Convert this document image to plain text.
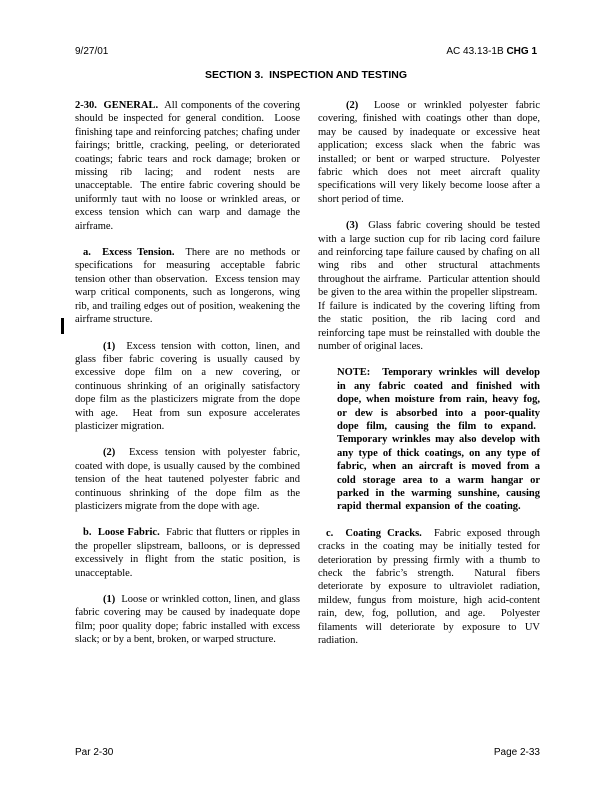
9/27/01	AC 43.13-1B CHG 1
SECTION 3.  INSPECTION AND TESTING

2-30.  GENERAL. All components of the covering should be inspected for general condition.  Loose finishing tape and reinforcing patches; chafing under fairings; brittle, cracking, peeling, or deteriorated coatings; fabric tears and rock damage; broken or missing rib lacing; and rodent nests are unacceptable.  The entire fabric covering should be uniformly taut with no loose or wrinkled areas, or excess tension which can warp and damage the airframe.

a.  Excess Tension. There are no methods or specifications for measuring acceptable fabric tension other than observation.  Excess tension may warp critical components, such as longerons, wing rib, and trailing edges out of position, weakening the airframe structure.

(1) Excess tension with cotton, linen, and glass fiber fabric covering is usually caused by excessive dope film on a new covering, or continuous shrinking of an originally satisfactory dope film as the plasticizers migrate from the dope with age.  Heat from sun exposure accelerates plasticizer migration.

(2) Excess tension with polyester fabric, coated with dope, is usually caused by the combined tension of the heat tautened polyester fabric and continuous shrinking of the dope film as the plasticizers migrate from the dope with age.

b.  Loose Fabric. Fabric that flutters or ripples in the propeller slipstream, balloons, or is depressed excessively in flight from the static position, is unacceptable.

(1) Loose or wrinkled cotton, linen, and glass fabric covering may be caused by inadequate dope film; poor quality dope; fabric installed with excess slack; or by a bent, broken, or warped structure.

(2) Loose or wrinkled polyester fabric covering, finished with coatings other than dope, may be caused by inadequate or excessive heat application; excess slack when the fabric was installed; or bent or warped structure.  Polyester fabric which does not meet aircraft quality specifications will very likely become loose after a short period of time.

(3) Glass fabric covering should be tested with a large suction cup for rib lacing cord failure and reinforcing tape failure caused by chafing on all wing ribs and other structural attachments throughout the airframe.  Particular attention should be given to the area within the propeller slipstream.  If failure is indicated by the covering lifting from the static position, the rib lacing cord and reinforcing tape must be reinstalled with double the number of original laces.

NOTE: Temporary wrinkles will develop in any fabric coated and finished with dope, when moisture from rain, heavy fog, or dew is absorbed into a poor-quality dope film, causing the film to expand.  Temporary wrinkles may also develop with any type of thick coatings, on any type of fabric, when an aircraft is moved from a cold storage area to a warm hangar or parked in the warming sunshine, causing rapid thermal expansion of the coating.

c.  Coating Cracks. Fabric exposed through cracks in the coating may be initially tested for deterioration by pressing firmly with a thumb to check the fabric’s strength.  Natural fibers deteriorate by exposure to ultraviolet radiation, mildew, fungus from moisture, high acid-content rain, dew, fog, pollution, and age.  Polyester filaments will deteriorate by exposure to UV radiation.

Par 2-30	Page 2-33
